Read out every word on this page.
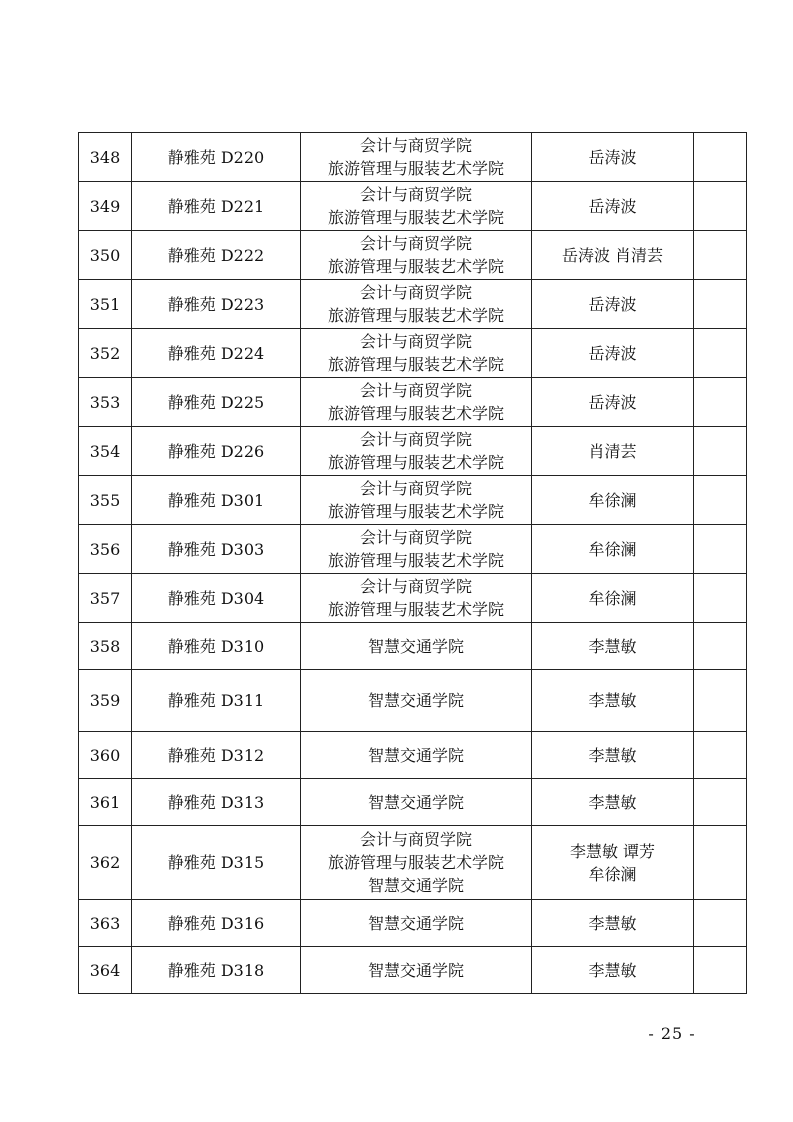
348	静雅苑 D220	会计与商贸学院
旅游管理与服装艺术学院	岳涛波	

349	静雅苑 D221	会计与商贸学院
旅游管理与服装艺术学院	岳涛波	

350	静雅苑 D222	会计与商贸学院
旅游管理与服装艺术学院	岳涛波 肖清芸	

351	静雅苑 D223	会计与商贸学院
旅游管理与服装艺术学院	岳涛波	

352	静雅苑 D224	会计与商贸学院
旅游管理与服装艺术学院	岳涛波	

353	静雅苑 D225	会计与商贸学院
旅游管理与服装艺术学院	岳涛波	

354	静雅苑 D226	会计与商贸学院
旅游管理与服装艺术学院	肖清芸	

355	静雅苑 D301	会计与商贸学院
旅游管理与服装艺术学院	牟徐澜	

356	静雅苑 D303	会计与商贸学院
旅游管理与服装艺术学院	牟徐澜	

357	静雅苑 D304	会计与商贸学院
旅游管理与服装艺术学院	牟徐澜	

358	静雅苑 D310	智慧交通学院	李慧敏	

359	静雅苑 D311	智慧交通学院	李慧敏	

360	静雅苑 D312	智慧交通学院	李慧敏	

361	静雅苑 D313	智慧交通学院	李慧敏	

362	静雅苑 D315	会计与商贸学院
旅游管理与服装艺术学院
智慧交通学院	李慧敏 谭芳
牟徐澜	

363	静雅苑 D316	智慧交通学院	李慧敏	

364	静雅苑 D318	智慧交通学院	李慧敏	

- 25 -
